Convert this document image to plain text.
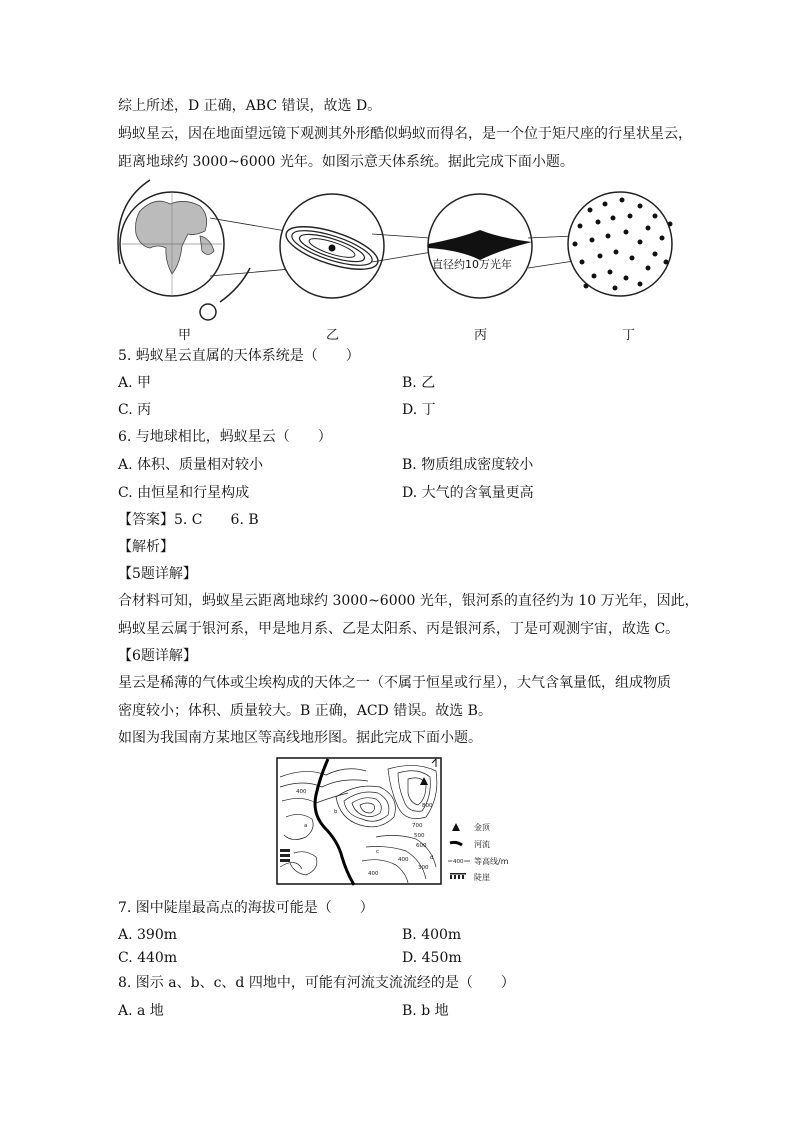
综上所述，D 正确，ABC 错误，故选 D。
蚂蚁星云，因在地面望远镜下观测其外形酷似蚂蚁而得名，是一个位于矩尺座的行星状星云，
距离地球约 3000~6000 光年。如图示意天体系统。据此完成下面小题。
直径约10万光年
甲	乙	丙	丁
5. 蚂蚁星云直属的天体系统是（　　）
A. 甲	B. 乙
C. 丙	D. 丁
6. 与地球相比，蚂蚁星云（　　）
A. 体积、质量相对较小	B. 物质组成密度较小
C. 由恒星和行星构成	D. 大气的含氧量更高
【答案】5. C 6. B
【解析】
【5题详解】
合材料可知，蚂蚁星云距离地球约 3000~6000 光年，银河系的直径约为 10 万光年，因此，
蚂蚁星云属于银河系，甲是地月系、乙是太阳系、丙是银河系，丁是可观测宇宙，故选 C。
【6题详解】
星云是稀薄的气体或尘埃构成的天体之一（不属于恒星或行星），大气含氧量低，组成物质
密度较小；体积、质量较大。B 正确，ACD 错误。故选 B。
如图为我国南方某地区等高线地形图。据此完成下面小题。
400
400
500
600
700
800
400
300
a
b
c
d
金顶
河流
400 等高线/m
陡崖
7. 图中陡崖最高点的海拔可能是（　　）
A. 390m	B. 400m
C. 440m	D. 450m
8. 图示 a、b、c、d 四地中，可能有河流支流流经的是（　　）
A. a 地	B. b 地
